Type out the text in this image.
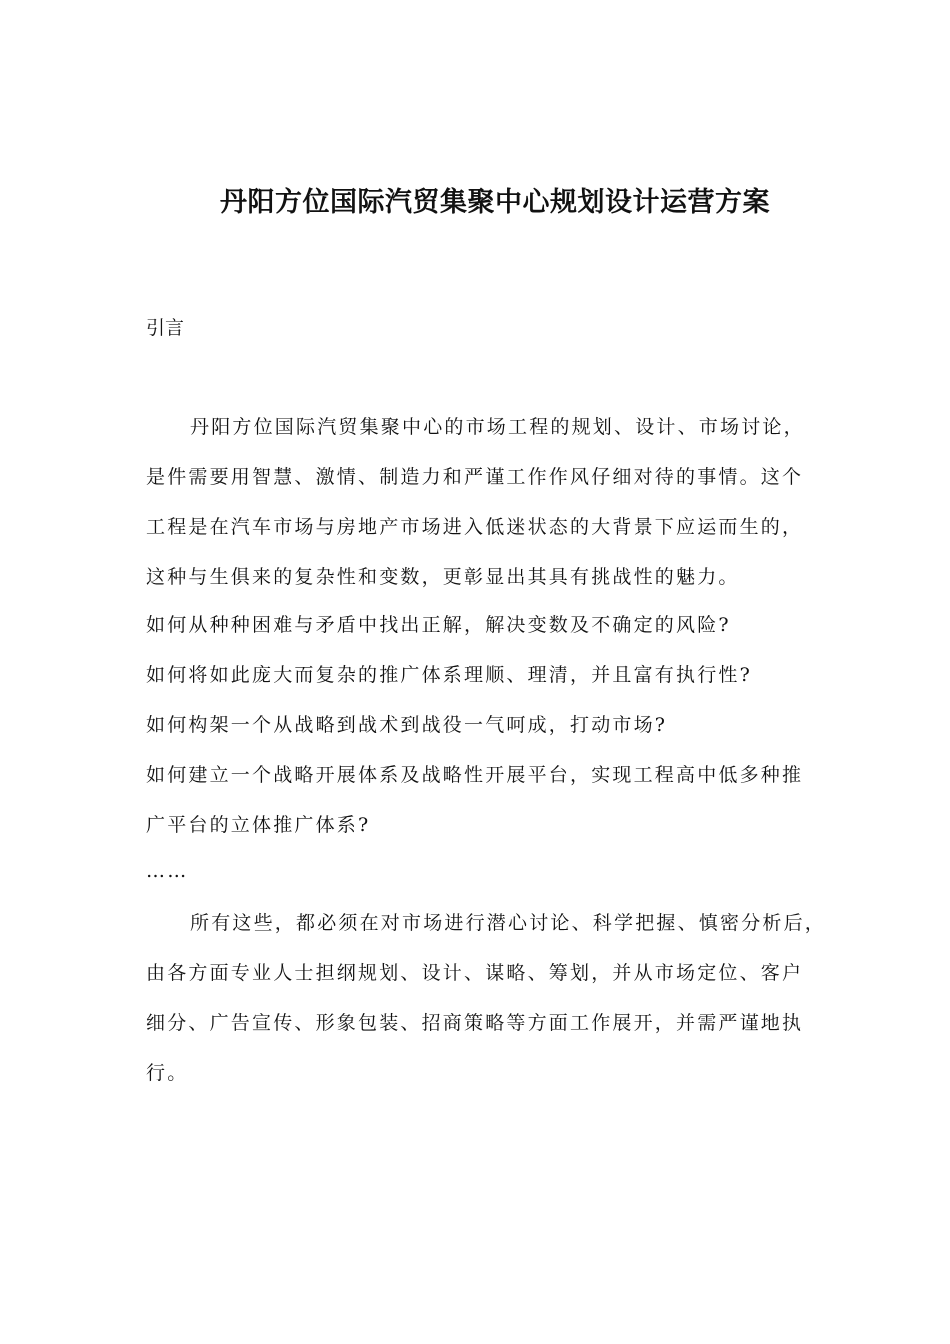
丹阳方位国际汽贸集聚中心规划设计运营方案

引言

丹阳方位国际汽贸集聚中心的市场工程的规划、设计、市场讨论，

是件需要用智慧、激情、制造力和严谨工作作风仔细对待的事情。这个

工程是在汽车市场与房地产市场进入低迷状态的大背景下应运而生的，

这种与生俱来的复杂性和变数，更彰显出其具有挑战性的魅力。

如何从种种困难与矛盾中找出正解，解决变数及不确定的风险?

如何将如此庞大而复杂的推广体系理顺、理清，并且富有执行性?

如何构架一个从战略到战术到战役一气呵成，打动市场?

如何建立一个战略开展体系及战略性开展平台，实现工程高中低多种推

广平台的立体推广体系?

……

所有这些，都必须在对市场进行潜心讨论、科学把握、慎密分析后，

由各方面专业人士担纲规划、设计、谋略、筹划，并从市场定位、客户

细分、广告宣传、形象包装、招商策略等方面工作展开，并需严谨地执

行。
